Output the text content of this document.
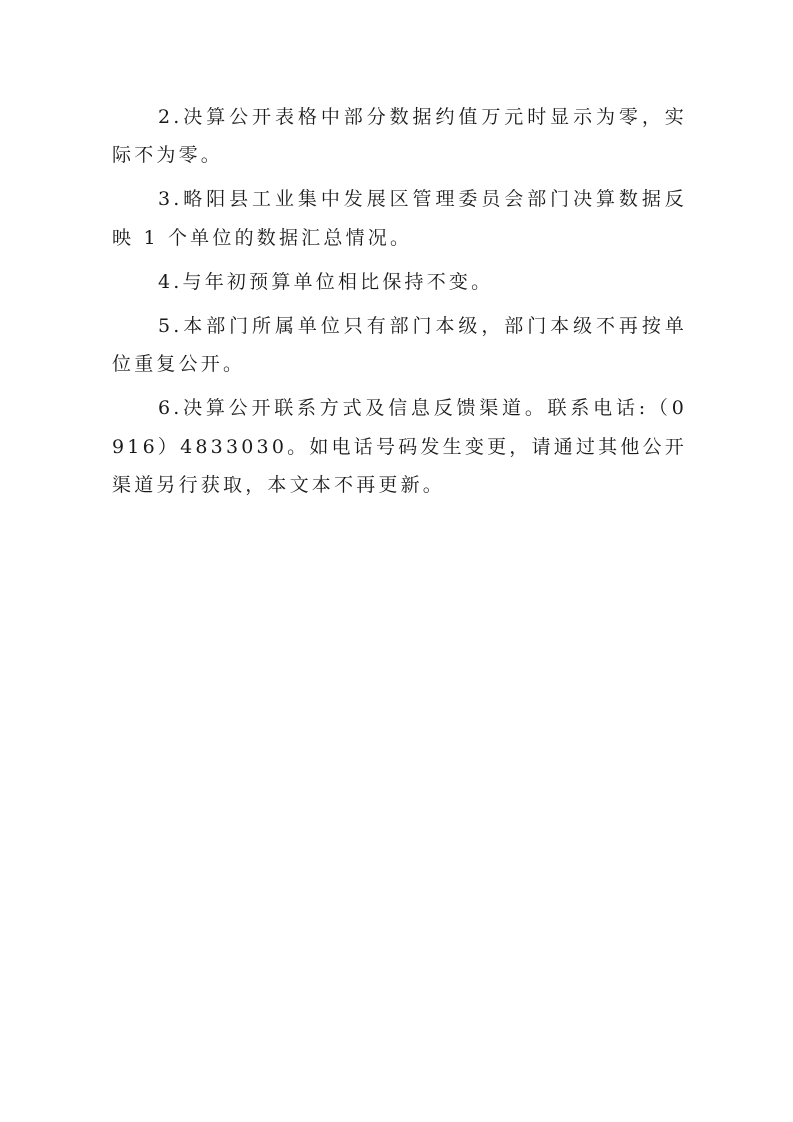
2.决算公开表格中部分数据约值万元时显示为零，实际不为零。

3.略阳县工业集中发展区管理委员会部门决算数据反映 1 个单位的数据汇总情况。

4.与年初预算单位相比保持不变。

5.本部门所属单位只有部门本级，部门本级不再按单位重复公开。

6.决算公开联系方式及信息反馈渠道。联系电话:（0916）4833030。如电话号码发生变更，请通过其他公开渠道另行获取，本文本不再更新。
